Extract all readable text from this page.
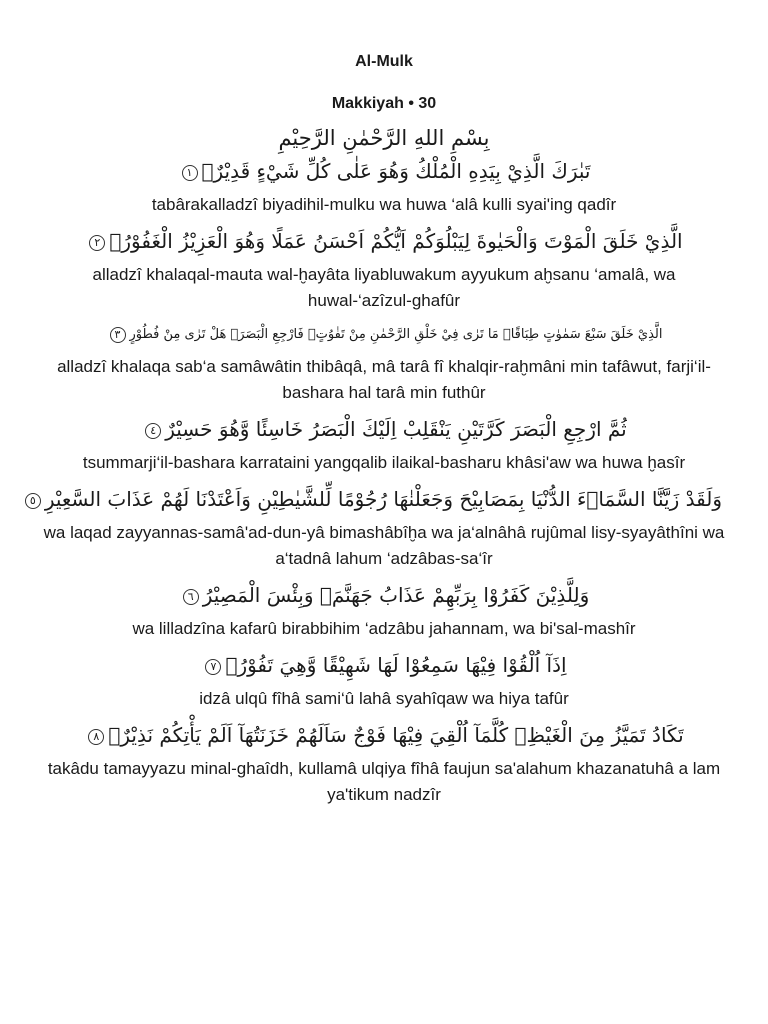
Al-Mulk
Makkiyah • 30
بِسْمِ اللهِ الرَّحْمٰنِ الرَّحِيْمِ
تَبٰرَكَ الَّذِيْ بِيَدِهِ الْمُلْكُ وَهُوَ عَلٰى كُلِّ شَيْءٍ قَدِيْرٌۙ١
tabârakalladzî biyadihil-mulku wa huwa ‘alâ kulli syai'ing qadîr
الَّذِيْ خَلَقَ الْمَوْتَ وَالْحَيٰوةَ لِيَبْلُوَكُمْ اَيُّكُمْ اَحْسَنُ عَمَلًا وَهُوَ الْعَزِيْزُ الْغَفُوْرُۙ٢
alladzî khalaqal-mauta wal-ḫayâta liyabluwakum ayyukum aḫsanu ‘amalâ, wa huwal-‘azîzul-ghafûr
الَّذِيْ خَلَقَ سَبْعَ سَمٰوٰتٍ طِبَاقًاۗ مَا تَرٰى فِيْ خَلْقِ الرَّحْمٰنِ مِنْ تَفٰوُتٍۗ فَارْجِعِ الْبَصَرَۙ هَلْ تَرٰى مِنْ فُطُوْرٍ٣
alladzî khalaqa sab‘a samâwâtin thibâqâ, mâ tarâ fî khalqir-raḫmâni min tafâwut, farji‘il-bashara hal tarâ min futhûr
ثُمَّ ارْجِعِ الْبَصَرَ كَرَّتَيْنِ يَنْقَلِبْ اِلَيْكَ الْبَصَرُ خَاسِئًا وَّهُوَ حَسِيْرٌ٤
tsummarji‘il-bashara karrataini yangqalib ilaikal-basharu khâsi'aw wa huwa ḫasîr
وَلَقَدْ زَيَّنَّا السَّمَاۤءَ الدُّنْيَا بِمَصَابِيْحَ وَجَعَلْنٰهَا رُجُوْمًا لِّلشَّيٰطِيْنِ وَاَعْتَدْنَا لَهُمْ عَذَابَ السَّعِيْرِ٥
wa laqad zayyannas-samâ'ad-dun-yâ bimashâbîḫa wa ja‘alnâhâ rujûmal lisy-syayâthîni wa a‘tadnâ lahum ‘adzâbas-sa‘îr
وَلِلَّذِيْنَ كَفَرُوْا بِرَبِّهِمْ عَذَابُ جَهَنَّمَۗ وَبِئْسَ الْمَصِيْرُ٦
wa lilladzîna kafarû birabbihim ‘adzâbu jahannam, wa bi'sal-mashîr
اِذَآ اُلْقُوْا فِيْهَا سَمِعُوْا لَهَا شَهِيْقًا وَّهِيَ تَفُوْرُۙ٧
idzâ ulqû fîhâ sami‘û lahâ syahîqaw wa hiya tafûr
تَكَادُ تَمَيَّزُ مِنَ الْغَيْظِۗ كُلَّمَآ اُلْقِيَ فِيْهَا فَوْجٌ سَاَلَهُمْ خَزَنَتُهَآ اَلَمْ يَأْتِكُمْ نَذِيْرٌۙ٨
takâdu tamayyazu minal-ghaîdh, kullamâ ulqiya fîhâ faujun sa'alahum khazanatuhâ a lam ya'tikum nadzîr
